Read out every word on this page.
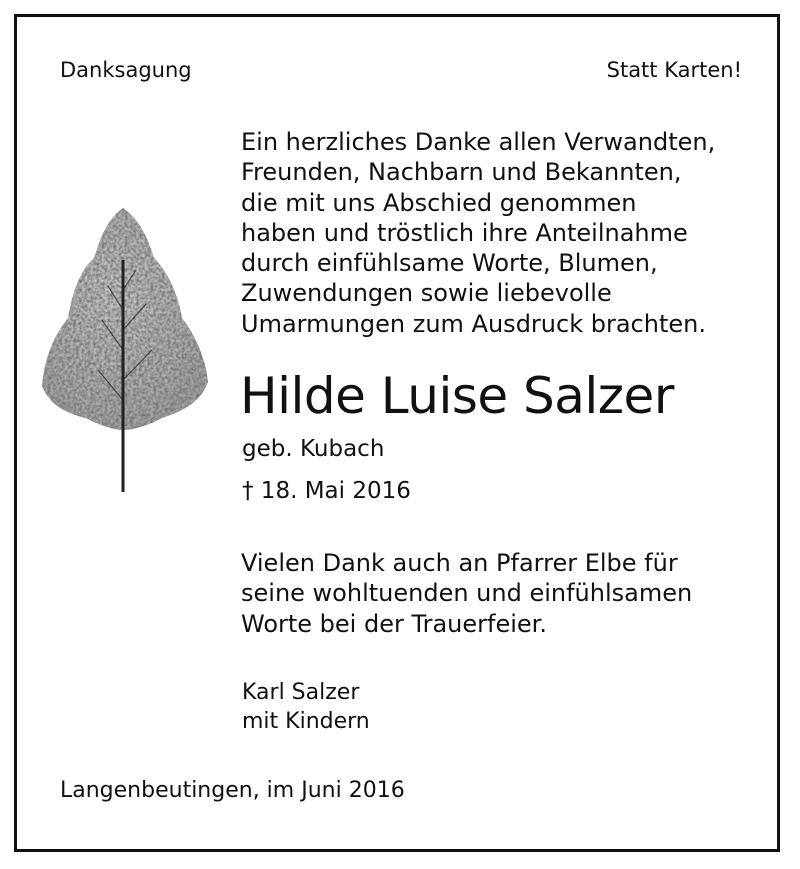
Danksagung	Statt Karten!
Ein herzliches Danke allen Verwandten,
Freunden, Nachbarn und Bekannten,
die mit uns Abschied genommen
haben und tröstlich ihre Anteilnahme
durch einfühlsame Worte, Blumen,
Zuwendungen sowie liebevolle
Umarmungen zum Ausdruck brachten.
Hilde Luise Salzer
geb. Kubach
† 18. Mai 2016
Vielen Dank auch an Pfarrer Elbe für
seine wohltuenden und einfühlsamen
Worte bei der Trauerfeier.
Karl Salzer
mit Kindern
Langenbeutingen, im Juni 2016
